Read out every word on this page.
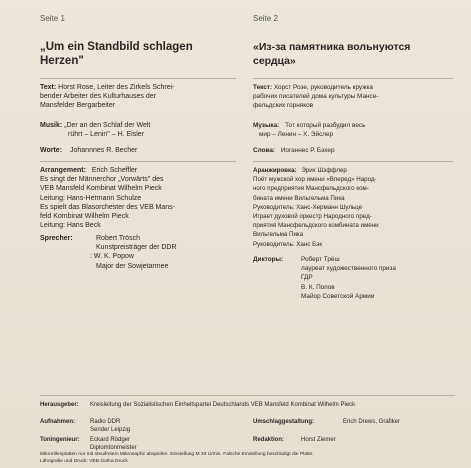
Seite 1
„Um ein Standbild schlagen
Herzen"
Text: Horst Rose, Leiter des Zirkels Schrei-
bender Arbeiter des Kulturhauses der
Mansfelder Bergarbeiter
Musik: „Der an den Schlaf der Welt
rührt – Lenin" – H. Eisler
Worte: Johannnes R. Becher
Arrangement: Erich Scheffler
Es singt der Männerchor „Vorwärts" des
VEB Mansfeld Kombinat Wilhelm Pieck
Leitung: Hans-Hermann Schulze
Es spielt das Blasorchester des VEB Mans-
feld Kombinat Wilhelm Pieck
Leitung: Hans Beck
Sprecher:	Robert Trösch
Kunstpreisträger der DDR
: W. K. Popow
Major der Sowjetarmee
Seite 2
«Из-за памятника вольнуются
сердца»
Текст: Хорст Розе, руководитель кружка
рабочих писателей дома культуры Мансе-
фельдских горняков
Музыка: Тот который разбудил весь
мир – Ленин – Х. Эйслер
Слова: Иоганнес Р. Бэхер
Аранжировка: Эрих Шэффлер
Поёт мужской хор имени «Вперед» Народ-
ного предприятия Мансфельдского ком-
бината имени Вильгельма Пика
Руководитель: Ханс-Херманн Шульце
Играет духовой оркестр Народного пред-
приятия Мансфельдского комбината имени
Вильгельма Пика
Руководитель: Ханс Бэк
Дикторы:	Роберт Трёш
лауреат художественного приза
ГДР
В. К. Попов
Майор Советской Армии
Herausgeber: Kreisleitung der Sozialistischen Einheitspartei Deutschlands VEB Mansfeld Kombinat Wilhelm Pieck
Aufnahmen:	Radio DDR
Sender Leipzig
Umschlaggestaltung:	Erich Drews, Grafiker
Toningenieur: Eckard Rödger
Diplomtonmeister
Redaktion:	Horst Ziemer
Mikrorillenplatten nur mit steuifreiem Mikrosaphir abspielen. Einstellung M 33 U/min. Falsche Einstellung beschädigt die Platte.
Lithografie und Druck: VEB Gotha Druck
